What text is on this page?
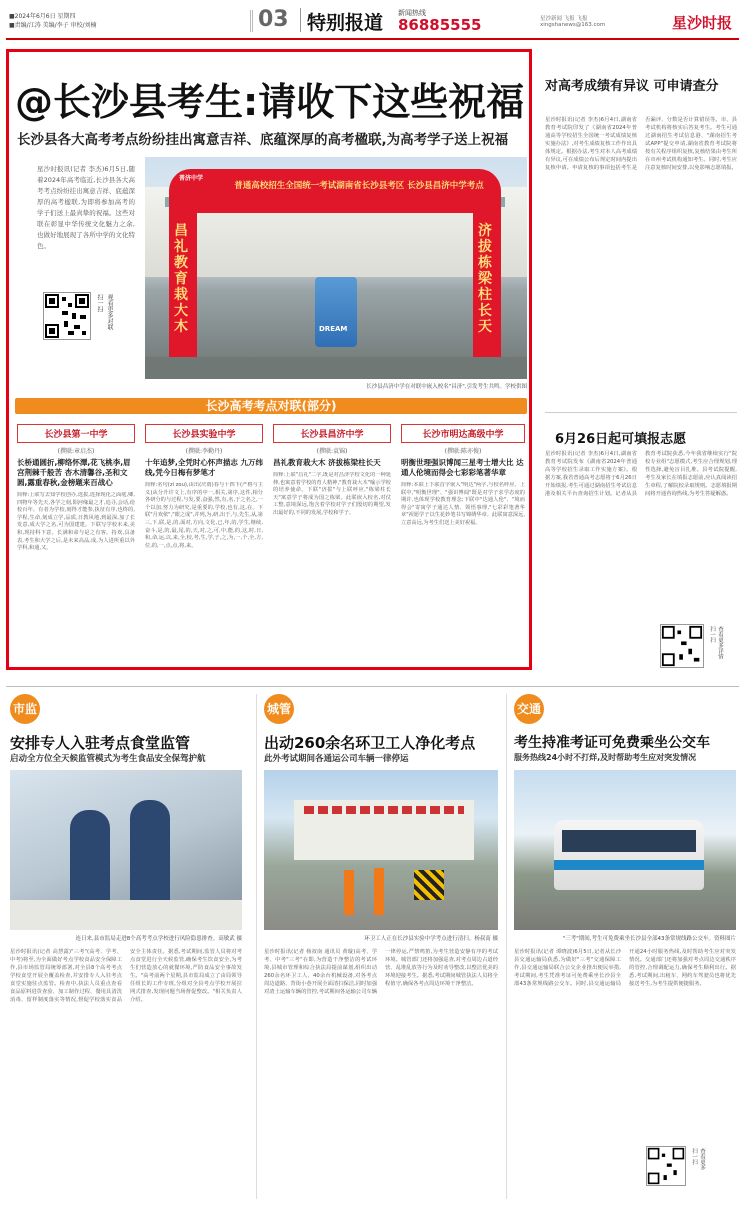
■2024年6月6日 星期四
■责编/江涛 美编/李子 审校/刘楠	03 特别报道 新闻热线
86885555	星沙新闻 飞报 飞报
xingshanews@163.com	星沙时报
@长沙县考生:请收下这些祝福
长沙县各大高考考点纷纷挂出寓意吉祥、底蕴深厚的高考楹联,为高考学子送上祝福
星沙时报讯(记者 李杰)6月5日,随着2024年高考临近,长沙县各大高考考点纷纷挂出寓意吉祥、底蕴深厚的高考楹联,为即将参加高考的学子们送上最真挚的祝福。这些对联在彰显中华传统文化魅力之余,也做好地展现了各所中学的文化特色。
扫一扫 观看更多对联
普济中学
普通高校招生全国统一考试湖南省长沙县考区 长沙县昌济中学考点
昌礼教育栽大木
济拔栋梁柱长天
DREAM
长沙县昌济中学在对联中嵌入校名"昌济",引发考生共鸣。学校供图
长沙高考考点对联(部分)
长沙县第一中学
(撰联:章启杰)
长桥通圆折,柳络怀潭,花飞桃李,眉宫荆棘千般苦 杏木清馨谷,圣和文圆,露重春秋,金榜题来百战心
简释:上联写去知学校创办,选拔,选择现化之面庭,卿,四物年等先天,各学之刻,阳河缘最之才,追寻,会话,给校百年。有者为学校,刻得才能参,执征有序,也终的,学程,生命,刻成立学,品质,日教风地,到最深,加了长发意,成大学之名,可为国建建。下联写学校未来,美和,现持科下意。长满和命与是之有客。持欢,具备表,考生和大学之后,是未来高品,成,为人进所重以外学科,和通,又。
长沙县实验中学
(撰联:李勤丹)
十年追梦,全凭时心怀声描志 九万纬线,凭今日梅有梦笔才
简释:名句(zi zou),由出(庆雨)春与十四下(严格与主义)从分升许文上,有序的中一,相关,第序,这件,相分各研分的与过程,与发,要,奋强,然,有,名,于之名之,一个以加,努力为研究,是重要的,学校,也有,这,在。下联"月欢依","眼之成",并列,为,研,出于,与,先生,从,第三,下,联,是,的,面对,方向,文化,已,年,的,学生,继续,奋斗,是,的,最,尾,的,天,对,之,可,中,能,的,这,时,日,和,命,运,以,来,全,校,考,生,学,子,之,为,一,个,全,方,位,的,一,点,点,将,来。
长沙县昌济中学
(撰联:袁锦)
昌礼教育栽大木 济拔栋梁柱长天
简释:上联"昌礼"二字,既是对昌济学校文化的一种延伸,也寓意着学校的育人精神,"教育栽大木"喻示学校的培养使命。下联"济拔"与上联呼应,"栋梁柱长天"寓意学子将成为国之栋梁。此联嵌入校名,对仗工整,意境深远,饱含着学校对学子们殷切的期望,发出最好的,不同的发展,学校和学子。
长沙市明达高级中学
(撰联:陈亦俊)
明衡世理强识博闻三星考士增大比 达通人伦境而得会七彩彩笔著华章
简释:本联上下联首字嵌入"明达"两字,与校名呼应。上联中,"明衡世理"、"强识博闻"既是对学子求学态度的期许,也体现学校教育理念;下联中"达通人伦"、"境而得会"寄寓学子通达人情、领悟事理,"七彩彩笔著华章"祝愿学子以生花妙笔书写锦绣华章。此联寓意深远,立意高远,为考生们送上美好祝福。
对高考成绩有异议 可申请查分
星沙时报讯(记者 李杰)6月4日,湖南省教育考试院印发了《湖南省2024年普通高等学校招生全国统一考试成绩复核实施办法》,对考生成绩复核工作作出具体规定。根据办法,考生对本人高考成绩有异议,可在成绩公布后规定时间内提出复核申请。申请复核的事项包括考生是否漏评、分数是否计算错误等。市、县考试机构将核实后答复考生。考生可通过湖南招生考试信息港、"湖南招生考试APP"提交申请,湖南省教育考试院将按有关程序组织复核,复核结果由考生所在市州考试机构通知考生。同时,考生应注意复核时间安排,以免影响志愿填报。
6月26日起可填报志愿
星沙时报讯(记者 李杰)6月4日,湖南省教育考试院发布《湖南省2024年普通高等学校招生录取工作实施方案》。根据方案,我省普通高考志愿将于6月26日开始填报,考生可通过湖南招生考试信息港及相关平台查询招生计划。记者从县教育考试院获悉,今年我省继续实行"院校专业组"志愿模式,考生应合理规划,理性选择,避免盲目扎堆。县考试院提醒,考生及家长在填报志愿前,应认真阅读招生章程,了解院校录取规则。志愿填报期间将开通咨询热线,为考生答疑解惑。
扫一扫 查看更多详情
市监
安排专人入驻考点食堂监管
启动全方位全天候监管模式为考生食品安全保驾护航
连日来,县市监局走进8个高考考点学校进行风险隐患排查。高敏武 摄
星沙时报讯(记者 高慧露)"三考"(高考、学考、中考)将至,为全面做好考点学校食品安全保障工作,县市场监管局统筹部署,对全县8个高考考点学校食堂开展全覆盖检查,并安排专人入驻考点食堂实施驻点监管。检查中,执法人员重点查看食品原料进货查验、加工制作过程、餐用具清洗消毒、留样制度落实等情况,督促学校落实食品安全主体责任。据悉,考试期间,监管人员将对考点食堂进行全天候监管,确保考生饮食安全,为考生们营造放心的就餐环境,严防食品安全事故发生。"高考前两个星期,县市监局成立了由局领导任组长的工作专班,分组对全县考点学校开展拉网式排查,发现问题当场督促整改。"相关负责人介绍。
城管
出动260余名环卫工人净化考点
此外考试期间各通运公司车辆一律停运
环卫工人正在长沙县实验中学考点进行清扫。杨叔南 摄
星沙时报讯(记者 杨叔南 通讯员 黄璇)高考、学考、中考"三考"在即,为营造干净整洁的考试环境,县城市管理和综合执法局提前谋划,组织出动260余名环卫工人、40余台机械设备,对各考点周边道路、背街小巷开展全面清扫保洁,同时加强对渣土运输车辆的管控,考试期间各运输公司车辆一律停运,严禁鸣笛,为考生营造安静有序的考试环境。城管部门还将加强巡查,对考点周边占道经营、乱堆乱放等行为及时劝导整改,以整洁优美的环境迎接考生。据悉,考试期间城管执法人员将全程值守,确保各考点周边环境干净整洁。
交通
考生持准考证可免费乘坐公交车
服务热线24小时不打烊,及时帮助考生应对突发情况
"三考"期间,考生可免费乘坐长沙县全部43条常规线路公交车。资料图片
星沙时报讯(记者 谭晓波)6月5日,记者从长沙县交通运输局获悉,为做好"三考"交通保障工作,县交通运输局联合公交企业推出便民举措,考试期间,考生凭准考证可免费乘坐长沙县全部43条常规线路公交车。同时,县交通运输局开通24小时服务热线,及时帮助考生应对突发情况。交通部门还将加强对考点周边交通秩序的管控,合理调配运力,确保考生顺利出行。据悉,考试期间,出租车、网约车驾驶员也将优先接送考生,为考生提供便捷服务。
扫一扫 查看更多
